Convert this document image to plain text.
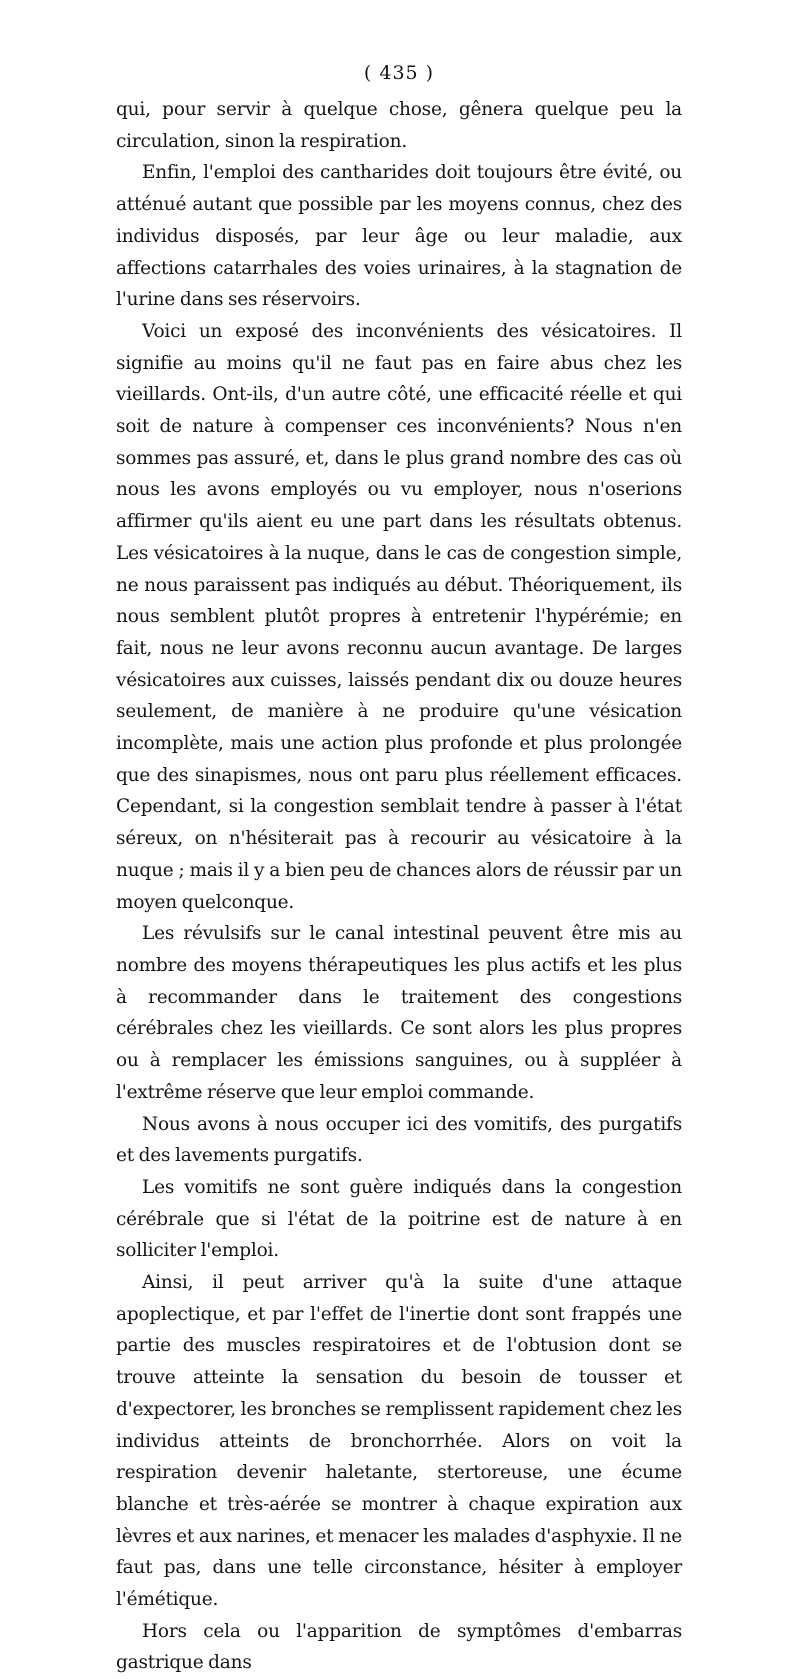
( 435 )

qui, pour servir à quelque chose, gênera quelque peu la circulation, sinon la respiration.

Enfin, l'emploi des cantharides doit toujours être évité, ou atténué autant que possible par les moyens connus, chez des individus disposés, par leur âge ou leur maladie, aux affections catarrhales des voies urinaires, à la stagnation de l'urine dans ses réservoirs.

Voici un exposé des inconvénients des vésicatoires. Il signifie au moins qu'il ne faut pas en faire abus chez les vieillards. Ont-ils, d'un autre côté, une efficacité réelle et qui soit de nature à compenser ces inconvénients? Nous n'en sommes pas assuré, et, dans le plus grand nombre des cas où nous les avons employés ou vu employer, nous n'oserions affirmer qu'ils aient eu une part dans les résultats obtenus. Les vésicatoires à la nuque, dans le cas de congestion simple, ne nous paraissent pas indiqués au début. Théoriquement, ils nous semblent plutôt propres à entretenir l'hypérémie; en fait, nous ne leur avons reconnu aucun avantage. De larges vésicatoires aux cuisses, laissés pendant dix ou douze heures seulement, de manière à ne produire qu'une vésication incomplète, mais une action plus profonde et plus prolongée que des sinapismes, nous ont paru plus réellement efficaces. Cependant, si la congestion semblait tendre à passer à l'état séreux, on n'hésiterait pas à recourir au vésicatoire à la nuque ; mais il y a bien peu de chances alors de réussir par un moyen quelconque.

Les révulsifs sur le canal intestinal peuvent être mis au nombre des moyens thérapeutiques les plus actifs et les plus à recommander dans le traitement des congestions cérébrales chez les vieillards. Ce sont alors les plus propres ou à remplacer les émissions sanguines, ou à suppléer à l'extrême réserve que leur emploi commande.

Nous avons à nous occuper ici des vomitifs, des purgatifs et des lavements purgatifs.

Les vomitifs ne sont guère indiqués dans la congestion cérébrale que si l'état de la poitrine est de nature à en solliciter l'emploi.

Ainsi, il peut arriver qu'à la suite d'une attaque apoplectique, et par l'effet de l'inertie dont sont frappés une partie des muscles respiratoires et de l'obtusion dont se trouve atteinte la sensation du besoin de tousser et d'expectorer, les bronches se remplissent rapidement chez les individus atteints de bronchorrhée. Alors on voit la respiration devenir haletante, stertoreuse, une écume blanche et très-aérée se montrer à chaque expiration aux lèvres et aux narines, et menacer les malades d'asphyxie. Il ne faut pas, dans une telle circonstance, hésiter à employer l'émétique.

Hors cela ou l'apparition de symptômes d'embarras gastrique dans
